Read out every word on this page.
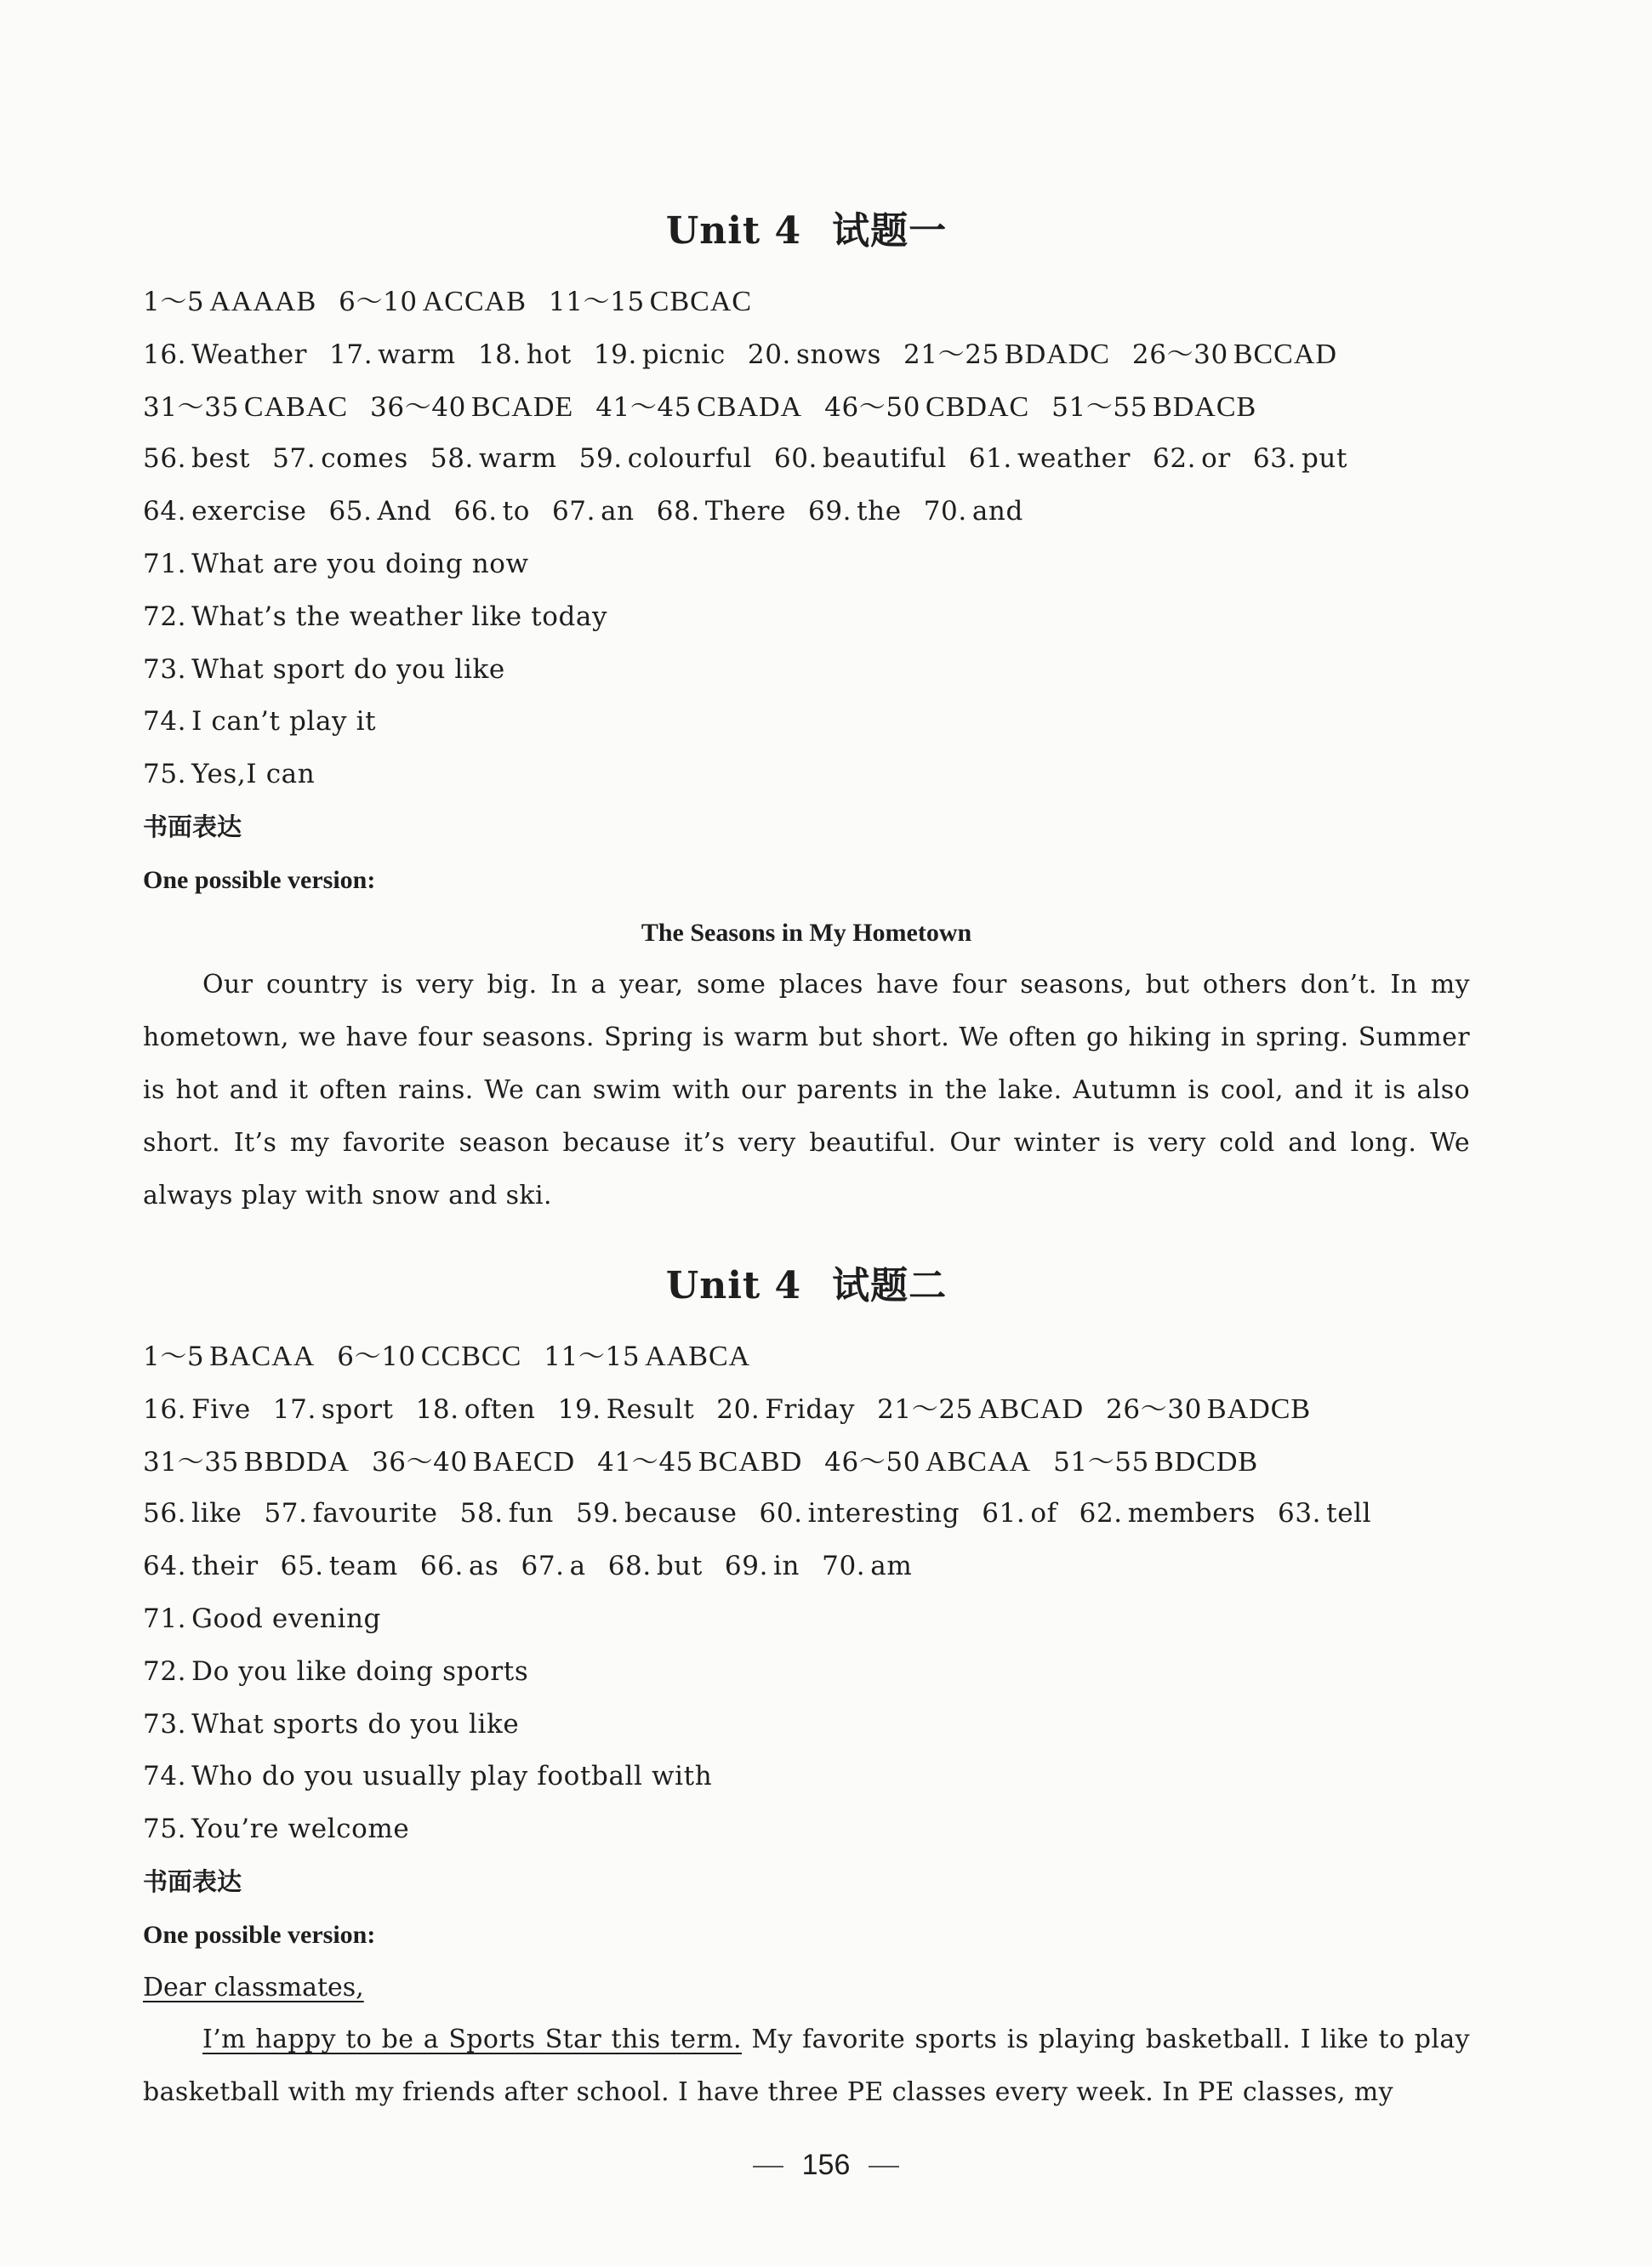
Unit 4 试题一
1～5 AAAAB 6～10 ACCAB 11～15 CBCAC
16. Weather 17. warm 18. hot 19. picnic 20. snows 21～25 BDADC 26～30 BCCAD
31～35 CABAC 36～40 BCADE 41～45 CBADA 46～50 CBDAC 51～55 BDACB
56. best 57. comes 58. warm 59. colourful 60. beautiful 61. weather 62. or 63. put
64. exercise 65. And 66. to 67. an 68. There 69. the 70. and
71. What are you doing now
72. What’s the weather like today
73. What sport do you like
74. I can’t play it
75. Yes,I can
书面表达
One possible version:
The Seasons in My Hometown

Our country is very big. In a year, some places have four seasons, but others don’t. In my hometown, we have four seasons. Spring is warm but short. We often go hiking in spring. Summer is hot and it often rains. We can swim with our parents in the lake. Autumn is cool, and it is also short. It’s my favorite season because it’s very beautiful. Our winter is very cold and long. We always play with snow and ski.

Unit 4 试题二
1～5 BACAA 6～10 CCBCC 11～15 AABCA
16. Five 17. sport 18. often 19. Result 20. Friday 21～25 ABCAD 26～30 BADCB
31～35 BBDDA 36～40 BAECD 41～45 BCABD 46～50 ABCAA 51～55 BDCDB
56. like 57. favourite 58. fun 59. because 60. interesting 61. of 62. members 63. tell
64. their 65. team 66. as 67. a 68. but 69. in 70. am
71. Good evening
72. Do you like doing sports
73. What sports do you like
74. Who do you usually play football with
75. You’re welcome
书面表达
One possible version:
Dear classmates,

I’m happy to be a Sports Star this term. My favorite sports is playing basketball. I like to play basketball with my friends after school. I have three PE classes every week. In PE classes, my

156
